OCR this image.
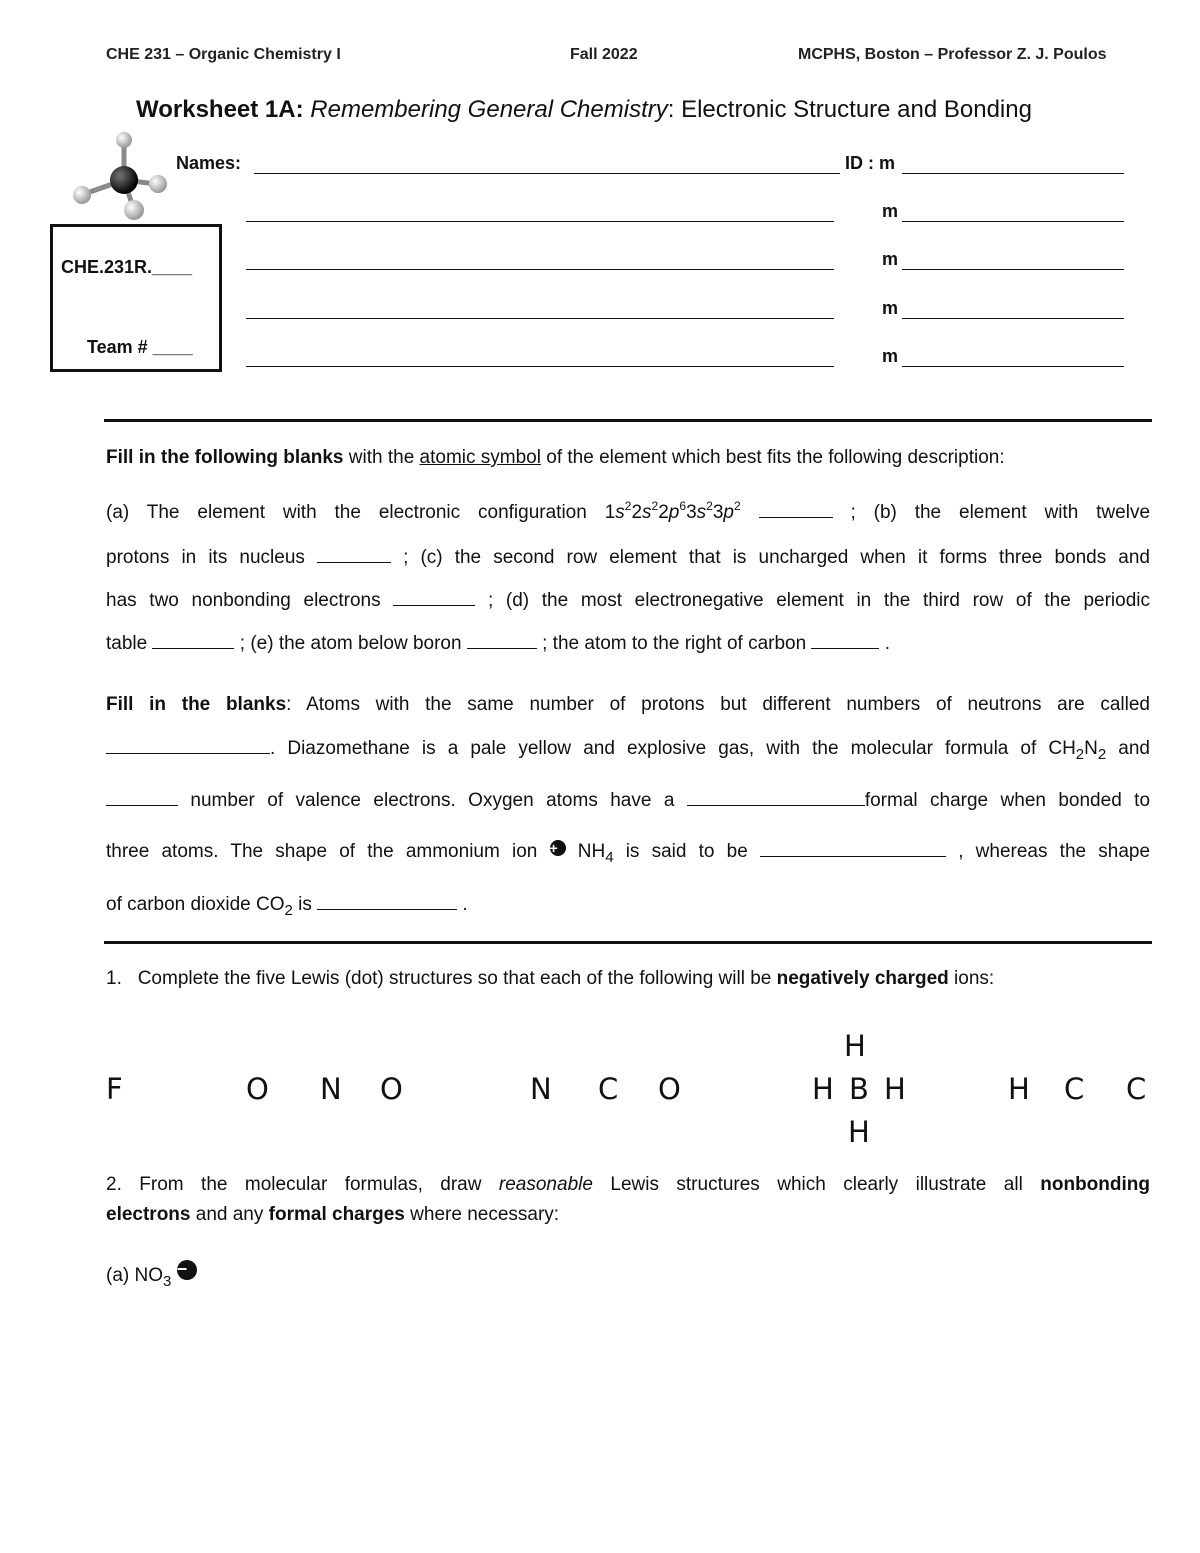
CHE 231 – Organic Chemistry I	Fall 2022	MCPHS, Boston – Professor Z. J. Poulos
Worksheet 1A: Remembering General Chemistry: Electronic Structure and Bonding
Names:	ID : m
m
m
m
m
CHE.231R.____
Team # ____
Fill in the following blanks with the atomic symbol of the element which best fits the following description:
(a) The element with the electronic configuration $1s^22s^22p^63s^23p^2$	; (b) the element with twelve
protons in its nucleus	; (c) the second row element that is uncharged when it forms three bonds and
has two nonbonding electrons	; (d) the most electronegative element in the third row of the periodic
table	; (e) the atom below boron	; the atom to the right of carbon	.
Fill in the blanks: Atoms with the same number of protons but different numbers of neutrons are called
. Diazomethane is a pale yellow and explosive gas, with the molecular formula of $CH_2N_2$ and
number of valence electrons. Oxygen atoms have a	formal charge when bonded to
three atoms. The shape of the ammonium ion + $NH_4$ is said to be	, whereas the shape
of carbon dioxide $CO_2$ is	.
1. Complete the five Lewis (dot) structures so that each of the following will be negatively charged ions:
F	O N O	N C O
H
H B H
H
H C C
2. From the molecular formulas, draw reasonable Lewis structures which clearly illustrate all nonbonding
electrons and any formal charges where necessary:
(a) $NO_3$ −
